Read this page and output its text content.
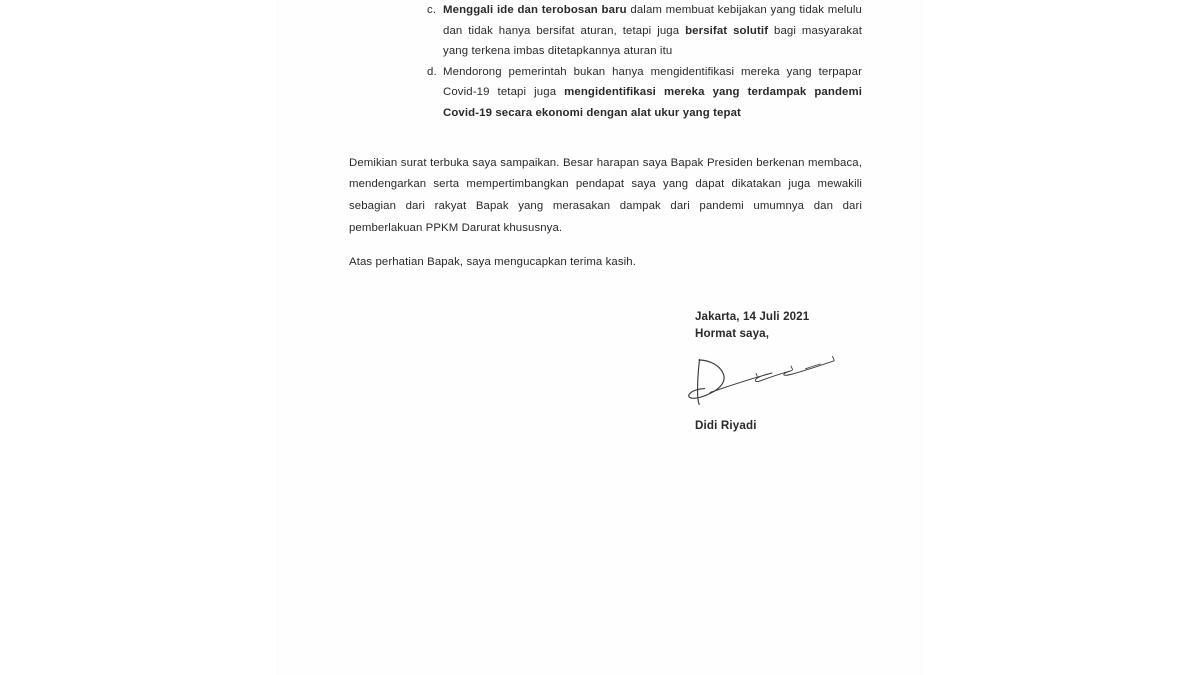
c. Menggali ide dan terobosan baru dalam membuat kebijakan yang tidak melulu dan tidak hanya bersifat aturan, tetapi juga bersifat solutif bagi masyarakat yang terkena imbas ditetapkannya aturan itu
d. Mendorong pemerintah bukan hanya mengidentifikasi mereka yang terpapar Covid-19 tetapi juga mengidentifikasi mereka yang terdampak pandemi Covid-19 secara ekonomi dengan alat ukur yang tepat

Demikian surat terbuka saya sampaikan. Besar harapan saya Bapak Presiden berkenan membaca, mendengarkan serta mempertimbangkan pendapat saya yang dapat dikatakan juga mewakili sebagian dari rakyat Bapak yang merasakan dampak dari pandemi umumnya dan dari pemberlakuan PPKM Darurat khususnya.

Atas perhatian Bapak, saya mengucapkan terima kasih.

Jakarta, 14 Juli 2021
Hormat saya,
Didi Riyadi
